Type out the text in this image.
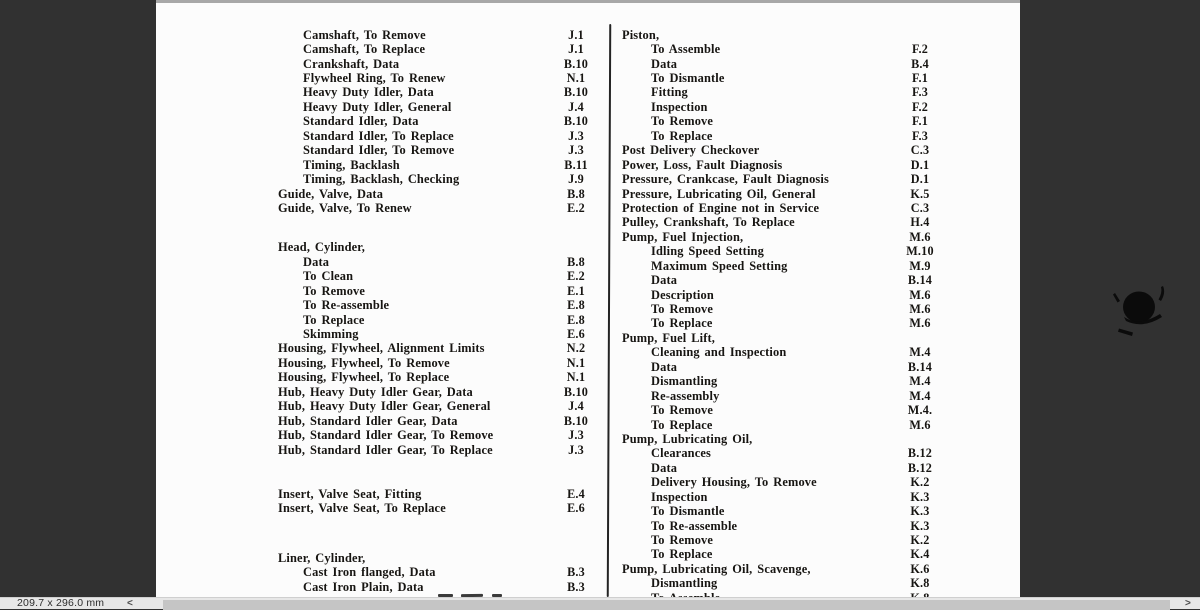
Camshaft, To Remove	J.1
Camshaft, To Replace	J.1
Crankshaft, Data	B.10
Flywheel Ring, To Renew	N.1
Heavy Duty Idler, Data	B.10
Heavy Duty Idler, General	J.4
Standard Idler, Data	B.10
Standard Idler, To Replace	J.3
Standard Idler, To Remove	J.3
Timing, Backlash	B.11
Timing, Backlash, Checking	J.9
Guide, Valve, Data	B.8
Guide, Valve, To Renew	E.2
Head, Cylinder,
Data	B.8
To Clean	E.2
To Remove	E.1
To Re-assemble	E.8
To Replace	E.8
Skimming	E.6
Housing, Flywheel, Alignment Limits	N.2
Housing, Flywheel, To Remove	N.1
Housing, Flywheel, To Replace	N.1
Hub, Heavy Duty Idler Gear, Data	B.10
Hub, Heavy Duty Idler Gear, General	J.4
Hub, Standard Idler Gear, Data	B.10
Hub, Standard Idler Gear, To Remove	J.3
Hub, Standard Idler Gear, To Replace	J.3
Insert, Valve Seat, Fitting	E.4
Insert, Valve Seat, To Replace	E.6
Liner, Cylinder,
Cast Iron flanged, Data	B.3
Cast Iron Plain, Data	B.3
Piston,
To Assemble	F.2
Data	B.4
To Dismantle	F.1
Fitting	F.3
Inspection	F.2
To Remove	F.1
To Replace	F.3
Post Delivery Checkover	C.3
Power, Loss, Fault Diagnosis	D.1
Pressure, Crankcase, Fault Diagnosis	D.1
Pressure, Lubricating Oil, General	K.5
Protection of Engine not in Service	C.3
Pulley, Crankshaft, To Replace	H.4
Pump, Fuel Injection,	M.6
Idling Speed Setting	M.10
Maximum Speed Setting	M.9
Data	B.14
Description	M.6
To Remove	M.6
To Replace	M.6
Pump, Fuel Lift,
Cleaning and Inspection	M.4
Data	B.14
Dismantling	M.4
Re-assembly	M.4
To Remove	M.4.
To Replace	M.6
Pump, Lubricating Oil,
Clearances	B.12
Data	B.12
Delivery Housing, To Remove	K.2
Inspection	K.3
To Dismantle	K.3
To Re-assemble	K.3
To Remove	K.2
To Replace	K.4
Pump, Lubricating Oil, Scavenge,	K.6
Dismantling	K.8
209.7 x 296.0 mm <	>
